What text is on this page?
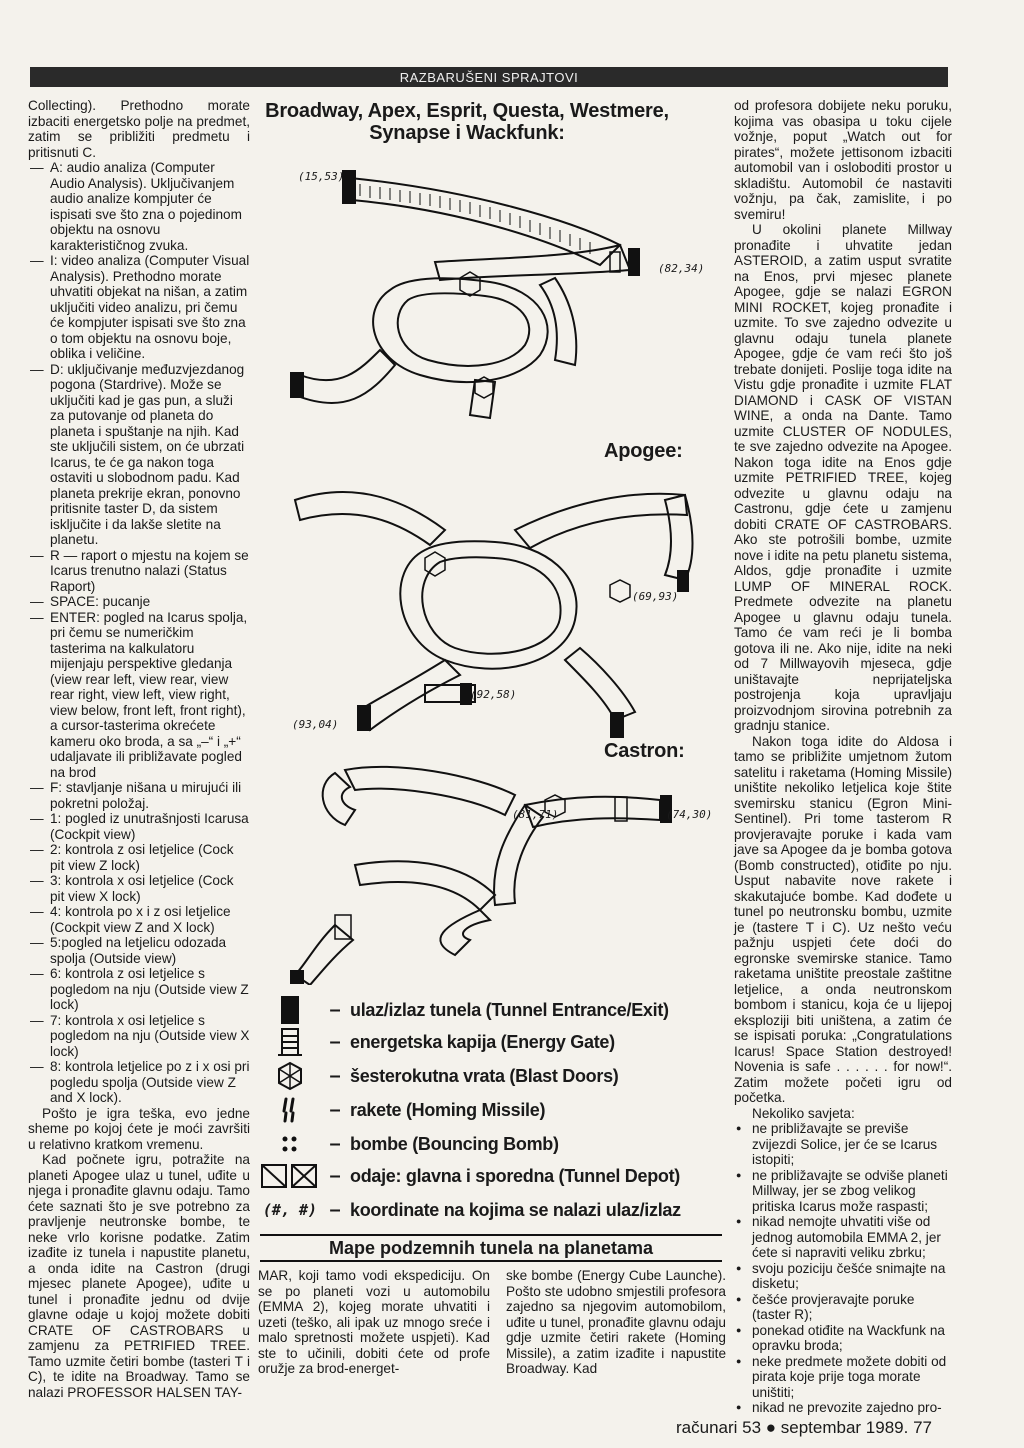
RAZBARUŠENI SPRAJTOVI

Collecting). Prethodno morate izbaciti energetsko polje na predmet, zatim se približiti predmetu i pritisnuti C.

— A: audio analiza (Computer Audio Analysis). Uključivanjem audio analize kompjuter će ispisati sve što zna o pojedinom objektu na osnovu karakterističnog zvuka.

— I: video analiza (Computer Visual Analysis). Prethodno morate uhvatiti objekat na nišan, a zatim uključiti video analizu, pri čemu će kompjuter ispisati sve što zna o tom objektu na osnovu boje, oblika i veličine.

— D: uključivanje međuzvjezdanog pogona (Stardrive). Može se uključiti kad je gas pun, a služi za putovanje od planeta do planeta i spuštanje na njih. Kad ste uključili sistem, on će ubrzati Icarus, te će ga nakon toga ostaviti u slobodnom padu. Kad planeta prekrije ekran, ponovno pritisnite taster D, da sistem isključite i da lakše sletite na planetu.

— R — raport o mjestu na kojem se Icarus trenutno nalazi (Status Raport)

— SPACE: pucanje

— ENTER: pogled na Icarus spolja, pri čemu se numeričkim tasterima na kalkulatoru mijenjaju perspektive gledanja (view rear left, view rear, view rear right, view left, view right, view below, front left, front right), a cursor-tasterima okrećete kameru oko broda, a sa „–“ i „+“ udaljavate ili približavate pogled na brod

— F: stavljanje nišana u mirujući ili pokretni položaj.

— 1: pogled iz unutrašnjosti Icarusa (Cockpit view)

— 2: kontrola z osi letjelice (Cock pit view Z lock)

— 3: kontrola x osi letjelice (Cock pit view X lock)

— 4: kontrola po x i z osi letjelice (Cockpit view Z and X lock)

— 5:pogled na letjelicu odozada spolja (Outside view)

— 6: kontrola z osi letjelice s pogledom na nju (Outside view Z lock)

— 7: kontrola x osi letjelice s pogledom na nju (Outside view X lock)

— 8: kontrola letjelice po z i x osi pri pogledu spolja (Outside view Z and X lock).

Pošto je igra teška, evo jedne sheme po kojoj ćete je moći završiti u relativno kratkom vremenu.

Kad počnete igru, potražite na planeti Apogee ulaz u tunel, uđite u njega i pronađite glavnu odaju. Tamo ćete saznati što je sve potrebno za pravljenje neutronske bombe, te neke vrlo korisne podatke. Zatim izađite iz tunela i napustite planetu, a onda idite na Castron (drugi mjesec planete Apogee), uđite u tunel i pronađite jednu od dvije glavne odaje u kojoj možete dobiti CRATE OF CASTROBARS u zamjenu za PETRIFIED TREE. Tamo uzmite četiri bombe (tasteri T i C), te idite na Broadway. Tamo se nalazi PROFESSOR HALSEN TAY-

od profesora dobijete neku poruku, kojima vas obasipa u toku cijele vožnje, poput „Watch out for pirates“, možete jettisonom izbaciti automobil van i osloboditi prostor u skladištu. Automobil će nastaviti vožnju, pa čak, zamislite, i po svemiru!

U okolini planete Millway pronađite i uhvatite jedan ASTEROID, a zatim usput svratite na Enos, prvi mjesec planete Apogee, gdje se nalazi EGRON MINI ROCKET, kojeg pronađite i uzmite. To sve zajedno odvezite u glavnu odaju tunela planete Apogee, gdje će vam reći što još trebate donijeti. Poslije toga idite na Vistu gdje pronađite i uzmite FLAT DIAMOND i CASK OF VISTAN WINE, a onda na Dante. Tamo uzmite CLUSTER OF NODULES, te sve zajedno odvezite na Apogee. Nakon toga idite na Enos gdje uzmite PETRIFIED TREE, kojeg odvezite u glavnu odaju na Castronu, gdje ćete u zamjenu dobiti CRATE OF CASTROBARS. Ako ste potrošili bombe, uzmite nove i idite na petu planetu sistema, Aldos, gdje pronađite i uzmite LUMP OF MINERAL ROCK. Predmete odvezite na planetu Apogee u glavnu odaju tunela. Tamo će vam reći je li bomba gotova ili ne. Ako nije, idite na neki od 7 Millwayovih mjeseca, gdje uništavajte neprijateljska postrojenja koja upravljaju proizvodnjom sirovina potrebnih za gradnju stanice.

Nakon toga idite do Aldosa i tamo se približite umjetnom žutom satelitu i raketama (Homing Missile) uništite nekoliko letjelica koje štite svemirsku stanicu (Egron Mini-Sentinel). Pri tome tasterom R provjeravajte poruke i kada vam jave sa Apogee da je bomba gotova (Bomb constructed), otiđite po nju. Usput nabavite nove rakete i skakutajuće bombe. Kad dođete u tunel po neutronsku bombu, uzmite je (tastere T i C). Uz nešto veću pažnju uspjeti ćete doći do egronske svemirske stanice. Tamo raketama uništite preostale zaštitne letjelice, a onda neutronskom bombom i stanicu, koja će u lijepoj eksploziji biti uništena, a zatim će se ispisati poruka: „Congratulations Icarus! Space Station destroyed! Novenia is safe . . . . . . for now!“. Zatim možete početi igru od početka.

Nekoliko savjeta:

● ne približavajte se previše zvijezdi Solice, jer će se Icarus istopiti;

● ne približavajte se odviše planeti Millway, jer se zbog velikog pritiska Icarus može raspasti;

● nikad nemojte uhvatiti više od jednog automobila EMMA 2, jer ćete si napraviti veliku zbrku;

● svoju poziciju češće snimajte na disketu;

● češće provjeravajte poruke (taster R);

● ponekad otiđite na Wackfunk na opravku broda;

● neke predmete možete dobiti od pirata koje prije toga morate uništiti;

● nikad ne prevozite zajedno pro-

Broadway, Apex, Esprit, Questa, Westmere, Synapse i Wackfunk:
Apogee:
Castron:
(15,53)
(82,34)
(69,93)
(92,58)
(93,04)
(81,71)	(74,30)
– ulaz/izlaz tunela (Tunnel Entrance/Exit)
– energetska kapija (Energy Gate)
– šesterokutna vrata (Blast Doors)
– rakete (Homing Missile)
– bombe (Bouncing Bomb)
– odaje: glavna i sporedna (Tunnel Depot)
(#, #) – koordinate na kojima se nalazi ulaz/izlaz
Mape podzemnih tunela na planetama
MAR, koji tamo vodi ekspediciju. On se po planeti vozi u automobilu (EMMA 2), kojeg morate uhvatiti i uzeti (teško, ali ipak uz mnogo sreće i malo spretnosti možete uspjeti). Kad ste to učinili, dobiti ćete od profe oružje za brod-energet-
ske bombe (Energy Cube Launche). Pošto ste udobno smjestili profesora zajedno sa njegovim automobilom, uđite u tunel, pronađite glavnu odaju gdje uzmite četiri rakete (Homing Missile), a zatim izađite i napustite Broadway. Kad
računari 53 ● septembar 1989. 77
